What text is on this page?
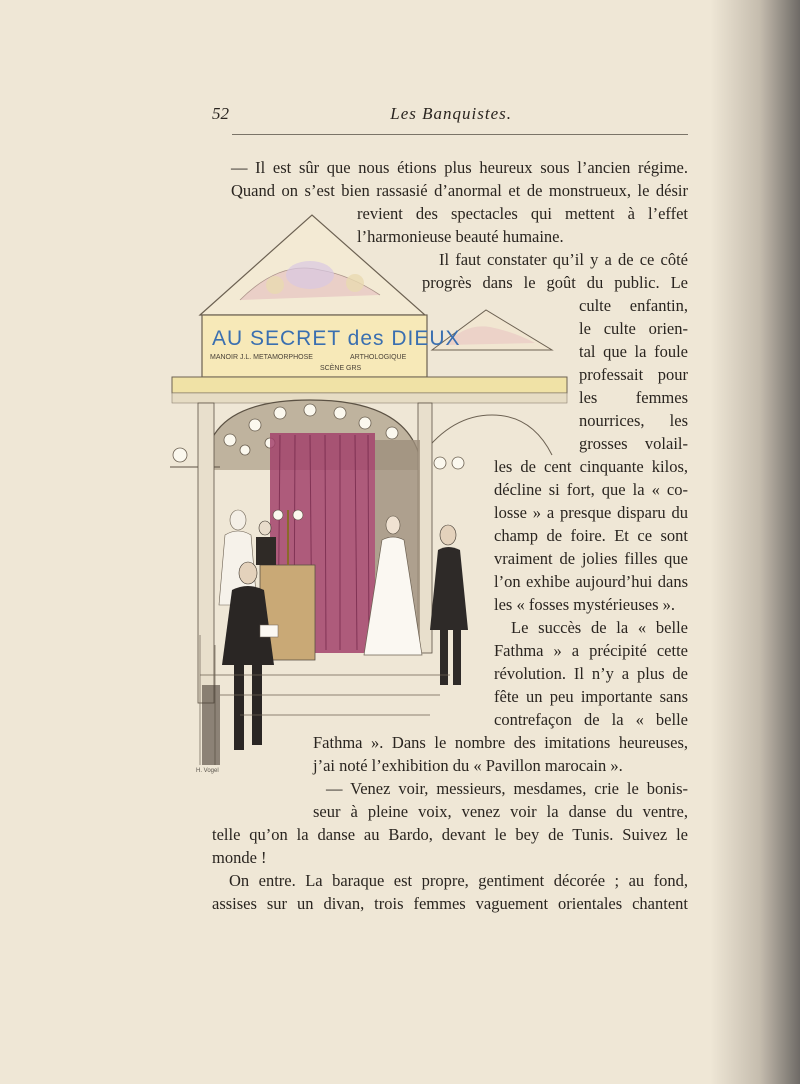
52	Les Banquistes.
AU SECRET des DIEUX
MANOIR J.L. METAMORPHOSE	ARTHOLOGIQUE
SCÈNE GRS
H. Vogel
— Il est sûr que nous étions plus heureux sous l’ancien régime.
Quand on s’est bien rassasié d’anormal et de monstrueux, le désir
revient des spectacles qui mettent à l’effet
l’harmonieuse beauté humaine.
Il faut constater qu’il y a de ce côté
progrès dans le goût du public. Le
culte enfantin,
le culte orien-
tal que la foule
professait pour
les femmes
nourrices, les
grosses volail-
les de cent cinquante kilos,
décline si fort, que la « co-
losse » a presque disparu du
champ de foire. Et ce sont
vraiment de jolies filles que
l’on exhibe aujourd’hui dans
les « fosses mystérieuses ».
Le succès de la « belle
Fathma » a précipité cette
révolution. Il n’y a plus de
fête un peu importante sans
contrefaçon de la « belle
Fathma ». Dans le nombre des imitations heureuses,
j’ai noté l’exhibition du « Pavillon marocain ».
— Venez voir, messieurs, mesdames, crie le bonis-
seur à pleine voix, venez voir la danse du ventre,
telle qu’on la danse au Bardo, devant le bey de Tunis. Suivez le
monde !
On entre. La baraque est propre, gentiment décorée ; au fond,
assises sur un divan, trois femmes vaguement orientales chantent
